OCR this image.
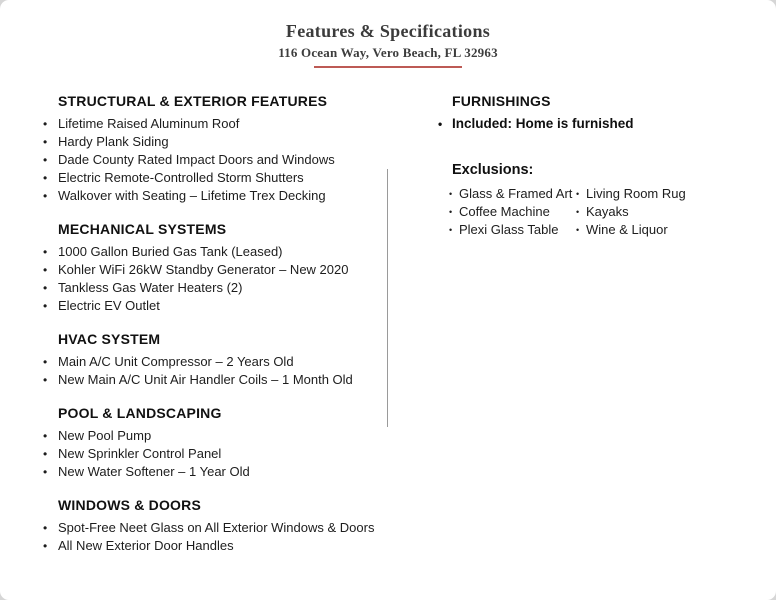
Features & Specifications

116 Ocean Way, Vero Beach, FL 32963

STRUCTURAL & EXTERIOR FEATURES
• Lifetime Raised Aluminum Roof
• Hardy Plank Siding
• Dade County Rated Impact Doors and Windows
• Electric Remote-Controlled Storm Shutters
• Walkover with Seating – Lifetime Trex Decking
MECHANICAL SYSTEMS
• 1000 Gallon Buried Gas Tank (Leased)
• Kohler WiFi 26kW Standby Generator – New 2020
• Tankless Gas Water Heaters (2)
• Electric EV Outlet
HVAC SYSTEM
• Main A/C Unit Compressor – 2 Years Old
• New Main A/C Unit Air Handler Coils – 1 Month Old
POOL & LANDSCAPING
• New Pool Pump
• New Sprinkler Control Panel
• New Water Softener – 1 Year Old
WINDOWS & DOORS
• Spot-Free Neet Glass on All Exterior Windows & Doors
• All New Exterior Door Handles
FURNISHINGS
• Included: Home is furnished
Exclusions:
• Glass & Framed Art
• Coffee Machine
• Plexi Glass Table
• Living Room Rug
• Kayaks
• Wine & Liquor
